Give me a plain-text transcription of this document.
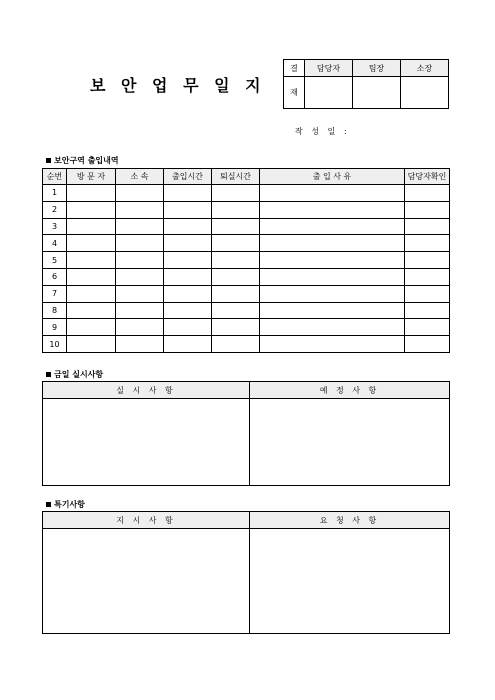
보 안 업 무 일 지
결	담당자	팀장	소장
재			
작 성 일 :
보안구역 출입내역
순번	방 문 자	소 속	출입시간	퇴실시간	출 입 사 유	담당자확인
1						
2						
3						
4						
5						
6						
7						
8						
9						
10						
금일 실시사항
실 시 사 항	예 정 사 항

특기사항
지 시 사 항	요 청 사 항
